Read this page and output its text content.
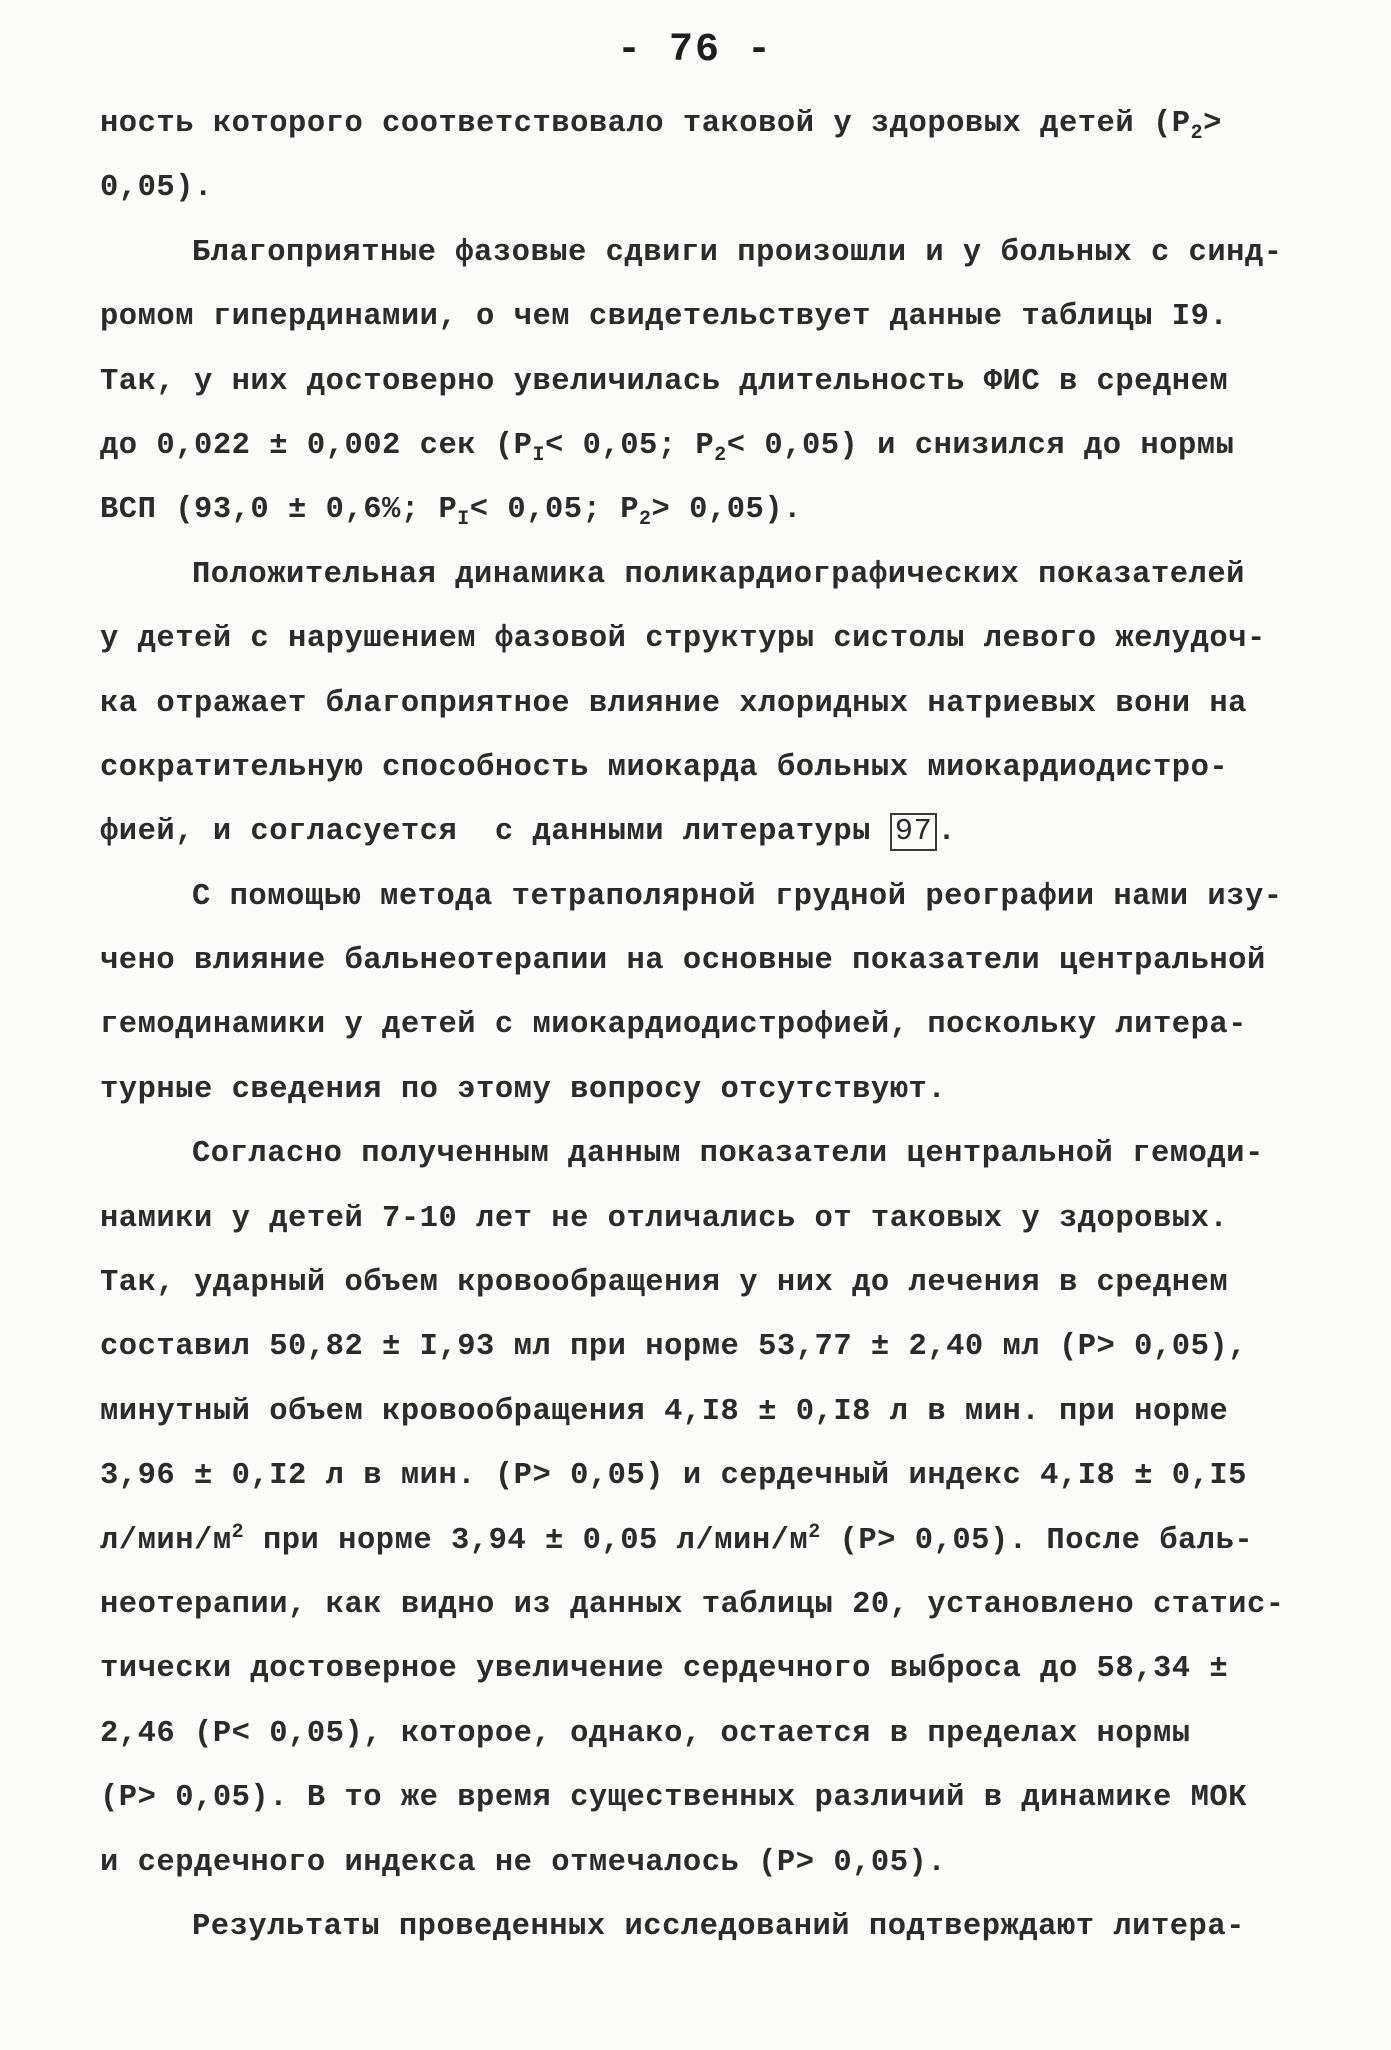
- 76 -
ность которого соответствовало таковой у здоровых детей ($P_2>$
0,05).
Благоприятные фазовые сдвиги произошли и у больных с синд-
ромом гипердинамии, о чем свидетельствует данные таблицы I9.
Так, у них достоверно увеличилась длительность ФИС в среднем
до 0,022 ± 0,002 сек ($P_I< 0,05$; $P_2< 0,05$) и снизился до нормы
ВСП (93,0 ± 0,6%; $P_I< 0,05$; $P_2> 0,05$).
Положительная динамика поликардиографических показателей
у детей с нарушением фазовой структуры систолы левого желудоч-
ка отражает благоприятное влияние хлоридных натриевых вони на
сократительную способность миокарда больных миокардиодистро-
фией, и согласуется  с данными литературы 97 .
С помощью метода тетраполярной грудной реографии нами изу-
чено влияние бальнеотерапии на основные показатели центральной
гемодинамики у детей с миокардиодистрофией, поскольку литера-
турные сведения по этому вопросу отсутствуют.
Согласно полученным данным показатели центральной гемоди-
намики у детей 7-10 лет не отличались от таковых у здоровых.
Так, ударный объем кровообращения у них до лечения в среднем
составил 50,82 ± I,93 мл при норме 53,77 ± 2,40 мл (P> 0,05),
минутный объем кровообращения 4,I8 ± 0,I8 л в мин. при норме
3,96 ± 0,I2 л в мин. (P> 0,05) и сердечный индекс 4,I8 ± 0,I5
$л/мин/м^2$ при норме 3,94 ± 0,05 $л/мин/м^2$ (P> 0,05). После баль-
неотерапии, как видно из данных таблицы 20, установлено статис-
тически достоверное увеличение сердечного выброса до 58,34 ±
2,46 (P< 0,05), которое, однако, остается в пределах нормы
(P> 0,05). В то же время существенных различий в динамике МОК
и сердечного индекса не отмечалось (P> 0,05).
Результаты проведенных исследований подтверждают литера-
